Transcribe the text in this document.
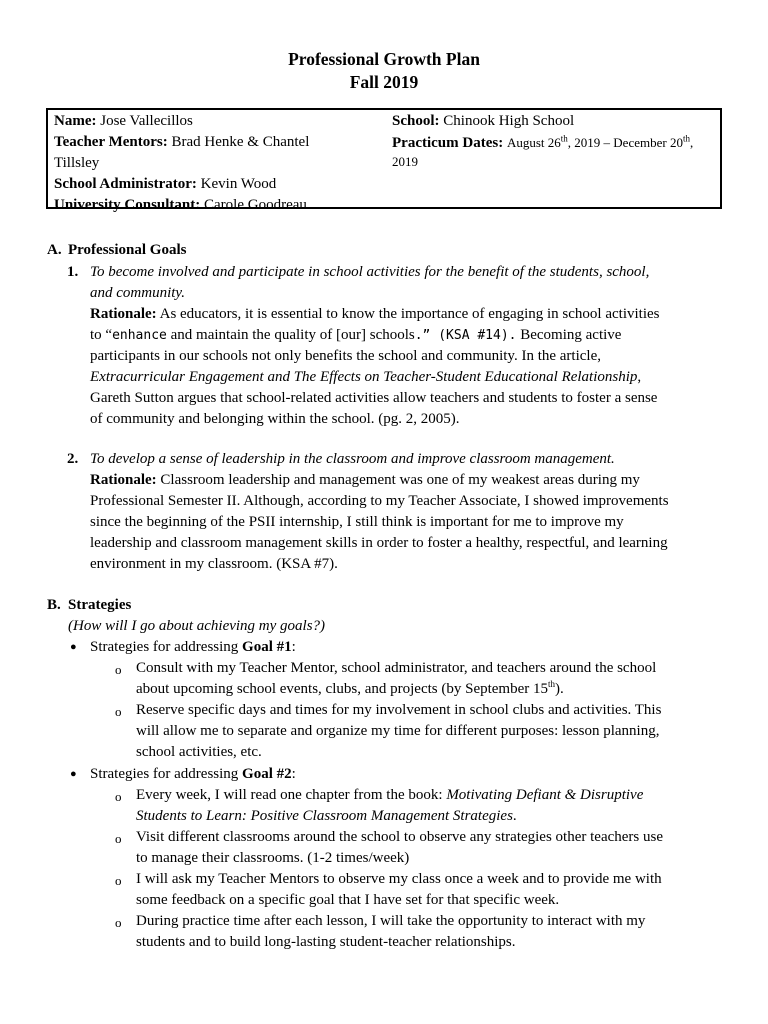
Professional Growth Plan
Fall 2019
Name: Jose Vallecillos
Teacher Mentors: Brad Henke & Chantel
Tillsley
School Administrator: Kevin Wood
University Consultant: Carole Goodreau
School: Chinook High School
Practicum Dates: August 26th, 2019 – December 20th,
2019
A. Professional Goals
1. To become involved and participate in school activities for the benefit of the students, school,
and community.
Rationale: As educators, it is essential to know the importance of engaging in school activities
to “enhance and maintain the quality of [our] schools.” (KSA #14). Becoming active
participants in our schools not only benefits the school and community. In the article,
Extracurricular Engagement and The Effects on Teacher-Student Educational Relationship,
Gareth Sutton argues that school-related activities allow teachers and students to foster a sense
of community and belonging within the school. (pg. 2, 2005).
2. To develop a sense of leadership in the classroom and improve classroom management.
Rationale: Classroom leadership and management was one of my weakest areas during my
Professional Semester II. Although, according to my Teacher Associate, I showed improvements
since the beginning of the PSII internship, I still think is important for me to improve my
leadership and classroom management skills in order to foster a healthy, respectful, and learning
environment in my classroom. (KSA #7).
B. Strategies
(How will I go about achieving my goals?)
● Strategies for addressing Goal #1:
o Consult with my Teacher Mentor, school administrator, and teachers around the school
about upcoming school events, clubs, and projects (by September 15th).
o Reserve specific days and times for my involvement in school clubs and activities. This
will allow me to separate and organize my time for different purposes: lesson planning,
school activities, etc.
● Strategies for addressing Goal #2:
o Every week, I will read one chapter from the book: Motivating Defiant & Disruptive
Students to Learn: Positive Classroom Management Strategies.
o Visit different classrooms around the school to observe any strategies other teachers use
to manage their classrooms. (1-2 times/week)
o I will ask my Teacher Mentors to observe my class once a week and to provide me with
some feedback on a specific goal that I have set for that specific week.
o During practice time after each lesson, I will take the opportunity to interact with my
students and to build long-lasting student-teacher relationships.
